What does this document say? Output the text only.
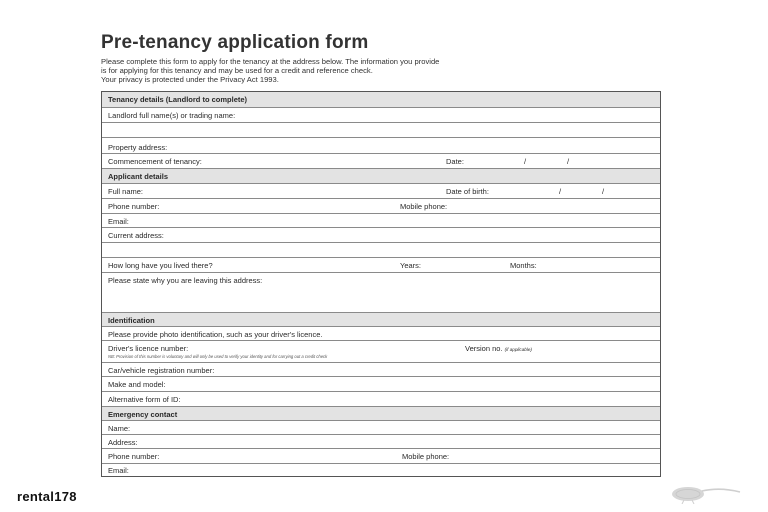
Pre-tenancy application form
Please complete this form to apply for the tenancy at the address below. The information you provide
is for applying for this tenancy and may be used for a credit and reference check.
Your privacy is protected under the Privacy Act 1993.
Tenancy details (Landlord to complete)
Landlord full name(s) or trading name:
Property address:
Commencement of tenancy:	Date:	/	/
Applicant details
Full name:	Date of birth:	/	/
Phone number:	Mobile phone:
Email:
Current address:
How long have you lived there?	Years:	Months:
Please state why you are leaving this address:
Identification
Please provide photo identification, such as your driver's licence.
Driver's licence number:	Version no. (if applicable)
NB: Provision of this number is voluntary and will only be used to verify your identity and for carrying out a credit check
Car/vehicle registration number:
Make and model:
Alternative form of ID:
Emergency contact
Name:
Address:
Phone number:	Mobile phone:
Email:
rental178
